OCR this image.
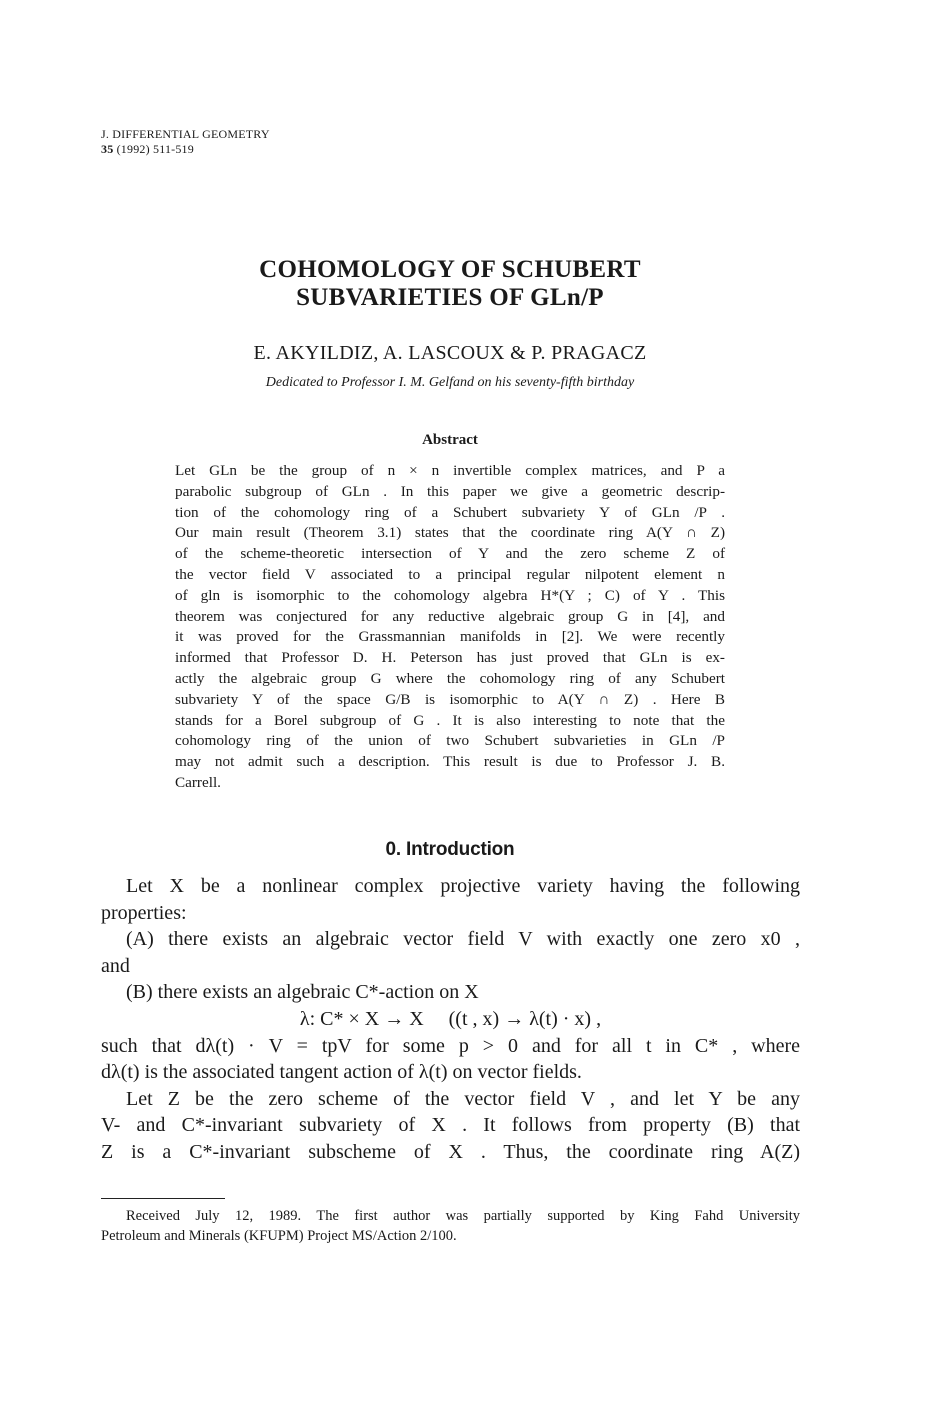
J. DIFFERENTIAL GEOMETRY
35 (1992) 511-519
COHOMOLOGY OF SCHUBERT
SUBVARIETIES OF GLn/P
E. AKYILDIZ, A. LASCOUX & P. PRAGACZ
Dedicated to Professor I. M. Gelfand on his seventy-fifth birthday
Abstract
Let GLn be the group of n × n invertible complex matrices, and P a
parabolic subgroup of GLn . In this paper we give a geometric descrip-
tion of the cohomology ring of a Schubert subvariety Y of GLn /P .
Our main result (Theorem 3.1) states that the coordinate ring A(Y ∩ Z)
of the scheme-theoretic intersection of Y and the zero scheme Z of
the vector field V associated to a principal regular nilpotent element n
of gln is isomorphic to the cohomology algebra H*(Y ; C) of Y . This
theorem was conjectured for any reductive algebraic group G in [4], and
it was proved for the Grassmannian manifolds in [2]. We were recently
informed that Professor D. H. Peterson has just proved that GLn is ex-
actly the algebraic group G where the cohomology ring of any Schubert
subvariety Y of the space G/B is isomorphic to A(Y ∩ Z) . Here B
stands for a Borel subgroup of G . It is also interesting to note that the
cohomology ring of the union of two Schubert subvarieties in GLn /P
may not admit such a description. This result is due to Professor J. B.
Carrell.
0. Introduction
Let X be a nonlinear complex projective variety having the following
properties:
(A) there exists an algebraic vector field V with exactly one zero x0 ,
and
(B) there exists an algebraic C*-action on X
λ: C* × X → X     ((t , x) → λ(t) · x) ,
such that dλ(t) · V = tpV for some p > 0 and for all t in C* , where
dλ(t) is the associated tangent action of λ(t) on vector fields.
Let Z be the zero scheme of the vector field V , and let Y be any
V- and C*-invariant subvariety of X . It follows from property (B) that
Z is a C*-invariant subscheme of X . Thus, the coordinate ring A(Z)
Received July 12, 1989. The first author was partially supported by King Fahd University
Petroleum and Minerals (KFUPM) Project MS/Action 2/100.
